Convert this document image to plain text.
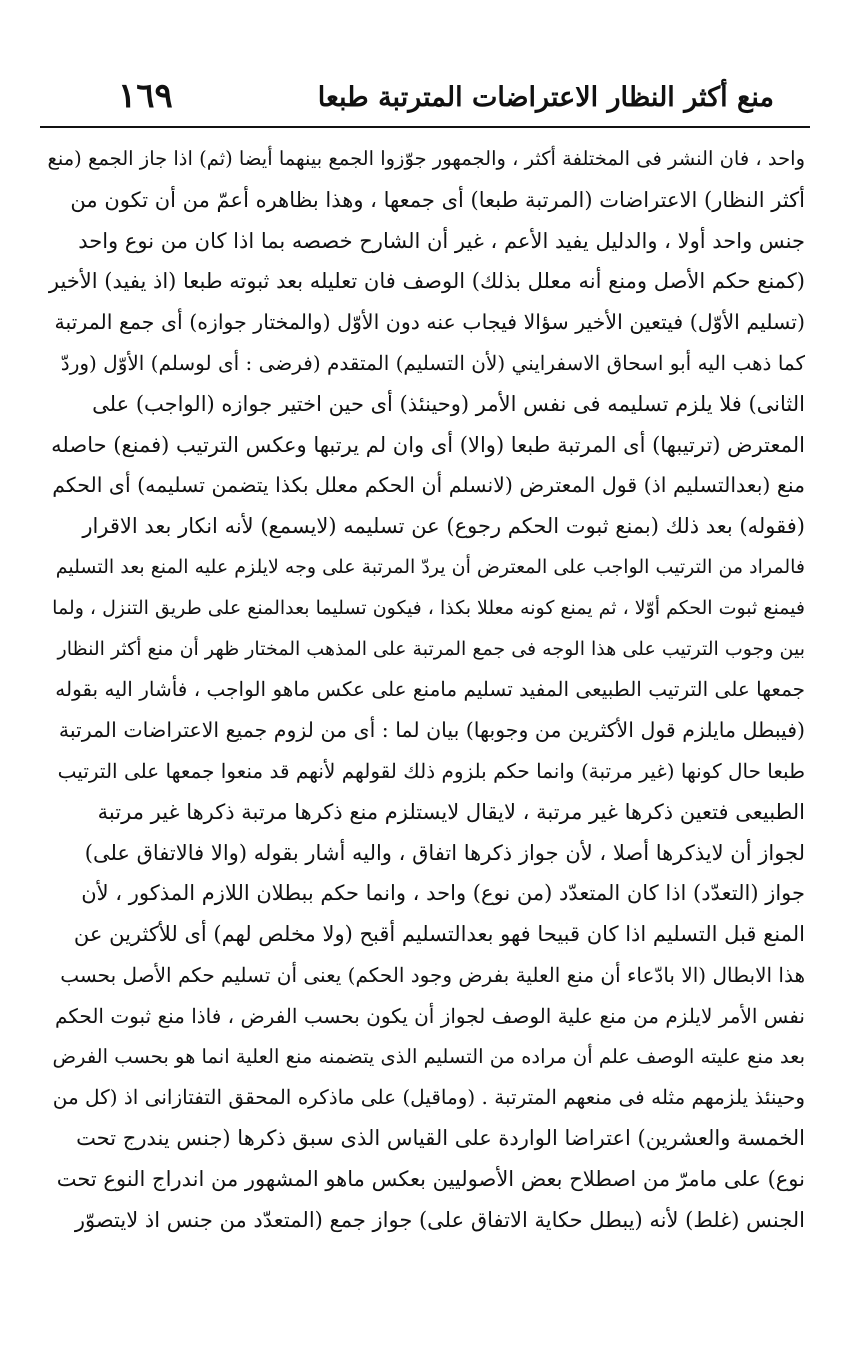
منع أكثر النظار الاعتراضات المترتبة طبعا
١٦٩
واحد ، فان النشر فى المختلفة أكثر ، والجمهور جوّزوا الجمع بينهما أيضا (ثم) اذا جاز الجمع (منع
أكثر النظار) الاعتراضات (المرتبة طبعا) أى جمعها ، وهذا بظاهره أعمّ من أن تكون من
جنس واحد أولا ، والدليل يفيد الأعم ، غير أن الشارح خصصه بما اذا كان من نوع واحد
(كمنع حكم الأصل ومنع أنه معلل بذلك) الوصف فان تعليله بعد ثبوته طبعا (اذ يفيد) الأخير
(تسليم الأوّل) فيتعين الأخير سؤالا فيجاب عنه دون الأوّل (والمختار جوازه) أى جمع المرتبة
كما ذهب اليه أبو اسحاق الاسفرايني (لأن التسليم) المتقدم (فرضى : أى لوسلم) الأوّل (وردّ
الثانى) فلا يلزم تسليمه فى نفس الأمر (وحينئذ) أى حين اختير جوازه (الواجب) على
المعترض (ترتيبها) أى المرتبة طبعا (والا) أى وان لم يرتبها وعكس الترتيب (فمنع) حاصله
منع (بعدالتسليم اذ) قول المعترض (لانسلم أن الحكم معلل بكذا يتضمن تسليمه) أى الحكم
(فقوله) بعد ذلك (بمنع ثبوت الحكم رجوع) عن تسليمه (لايسمع) لأنه انكار بعد الاقرار
فالمراد من الترتيب الواجب على المعترض أن يردّ المرتبة على وجه لايلزم عليه المنع بعد التسليم
فيمنع ثبوت الحكم أوّلا ، ثم يمنع كونه معللا بكذا ، فيكون تسليما بعدالمنع على طريق التنزل ، ولما
بين وجوب الترتيب على هذا الوجه فى جمع المرتبة على المذهب المختار ظهر أن منع أكثر النظار
جمعها على الترتيب الطبيعى المفيد تسليم مامنع على عكس ماهو الواجب ، فأشار اليه بقوله
(فيبطل مايلزم قول الأكثرين من وجوبها) بيان لما : أى من لزوم جميع الاعتراضات المرتبة
طبعا حال كونها (غير مرتبة) وانما حكم بلزوم ذلك لقولهم لأنهم قد منعوا جمعها على الترتيب
الطبيعى فتعين ذكرها غير مرتبة ، لايقال لايستلزم منع ذكرها مرتبة ذكرها غير مرتبة
لجواز أن لايذكرها أصلا ، لأن جواز ذكرها اتفاق ، واليه أشار بقوله (والا فالاتفاق على)
جواز (التعدّد) اذا كان المتعدّد (من نوع) واحد ، وانما حكم ببطلان اللازم المذكور ، لأن
المنع قبل التسليم اذا كان قبيحا فهو بعدالتسليم أقبح (ولا مخلص لهم) أى للأكثرين عن
هذا الابطال (الا بادّعاء أن منع العلية بفرض وجود الحكم) يعنى أن تسليم حكم الأصل بحسب
نفس الأمر لايلزم من منع علية الوصف لجواز أن يكون بحسب الفرض ، فاذا منع ثبوت الحكم
بعد منع عليته الوصف علم أن مراده من التسليم الذى يتضمنه منع العلية انما هو بحسب الفرض
وحينئذ يلزمهم مثله فى منعهم المترتبة . (وماقيل) على ماذكره المحقق التفتازانى اذ (كل من
الخمسة والعشرين) اعتراضا الواردة على القياس الذى سبق ذكرها (جنس يندرج تحت
نوع) على مامرّ من اصطلاح بعض الأصوليين بعكس ماهو المشهور من اندراج النوع تحت
الجنس (غلط) لأنه (يبطل حكاية الاتفاق على) جواز جمع (المتعدّد من جنس اذ لايتصوّر
